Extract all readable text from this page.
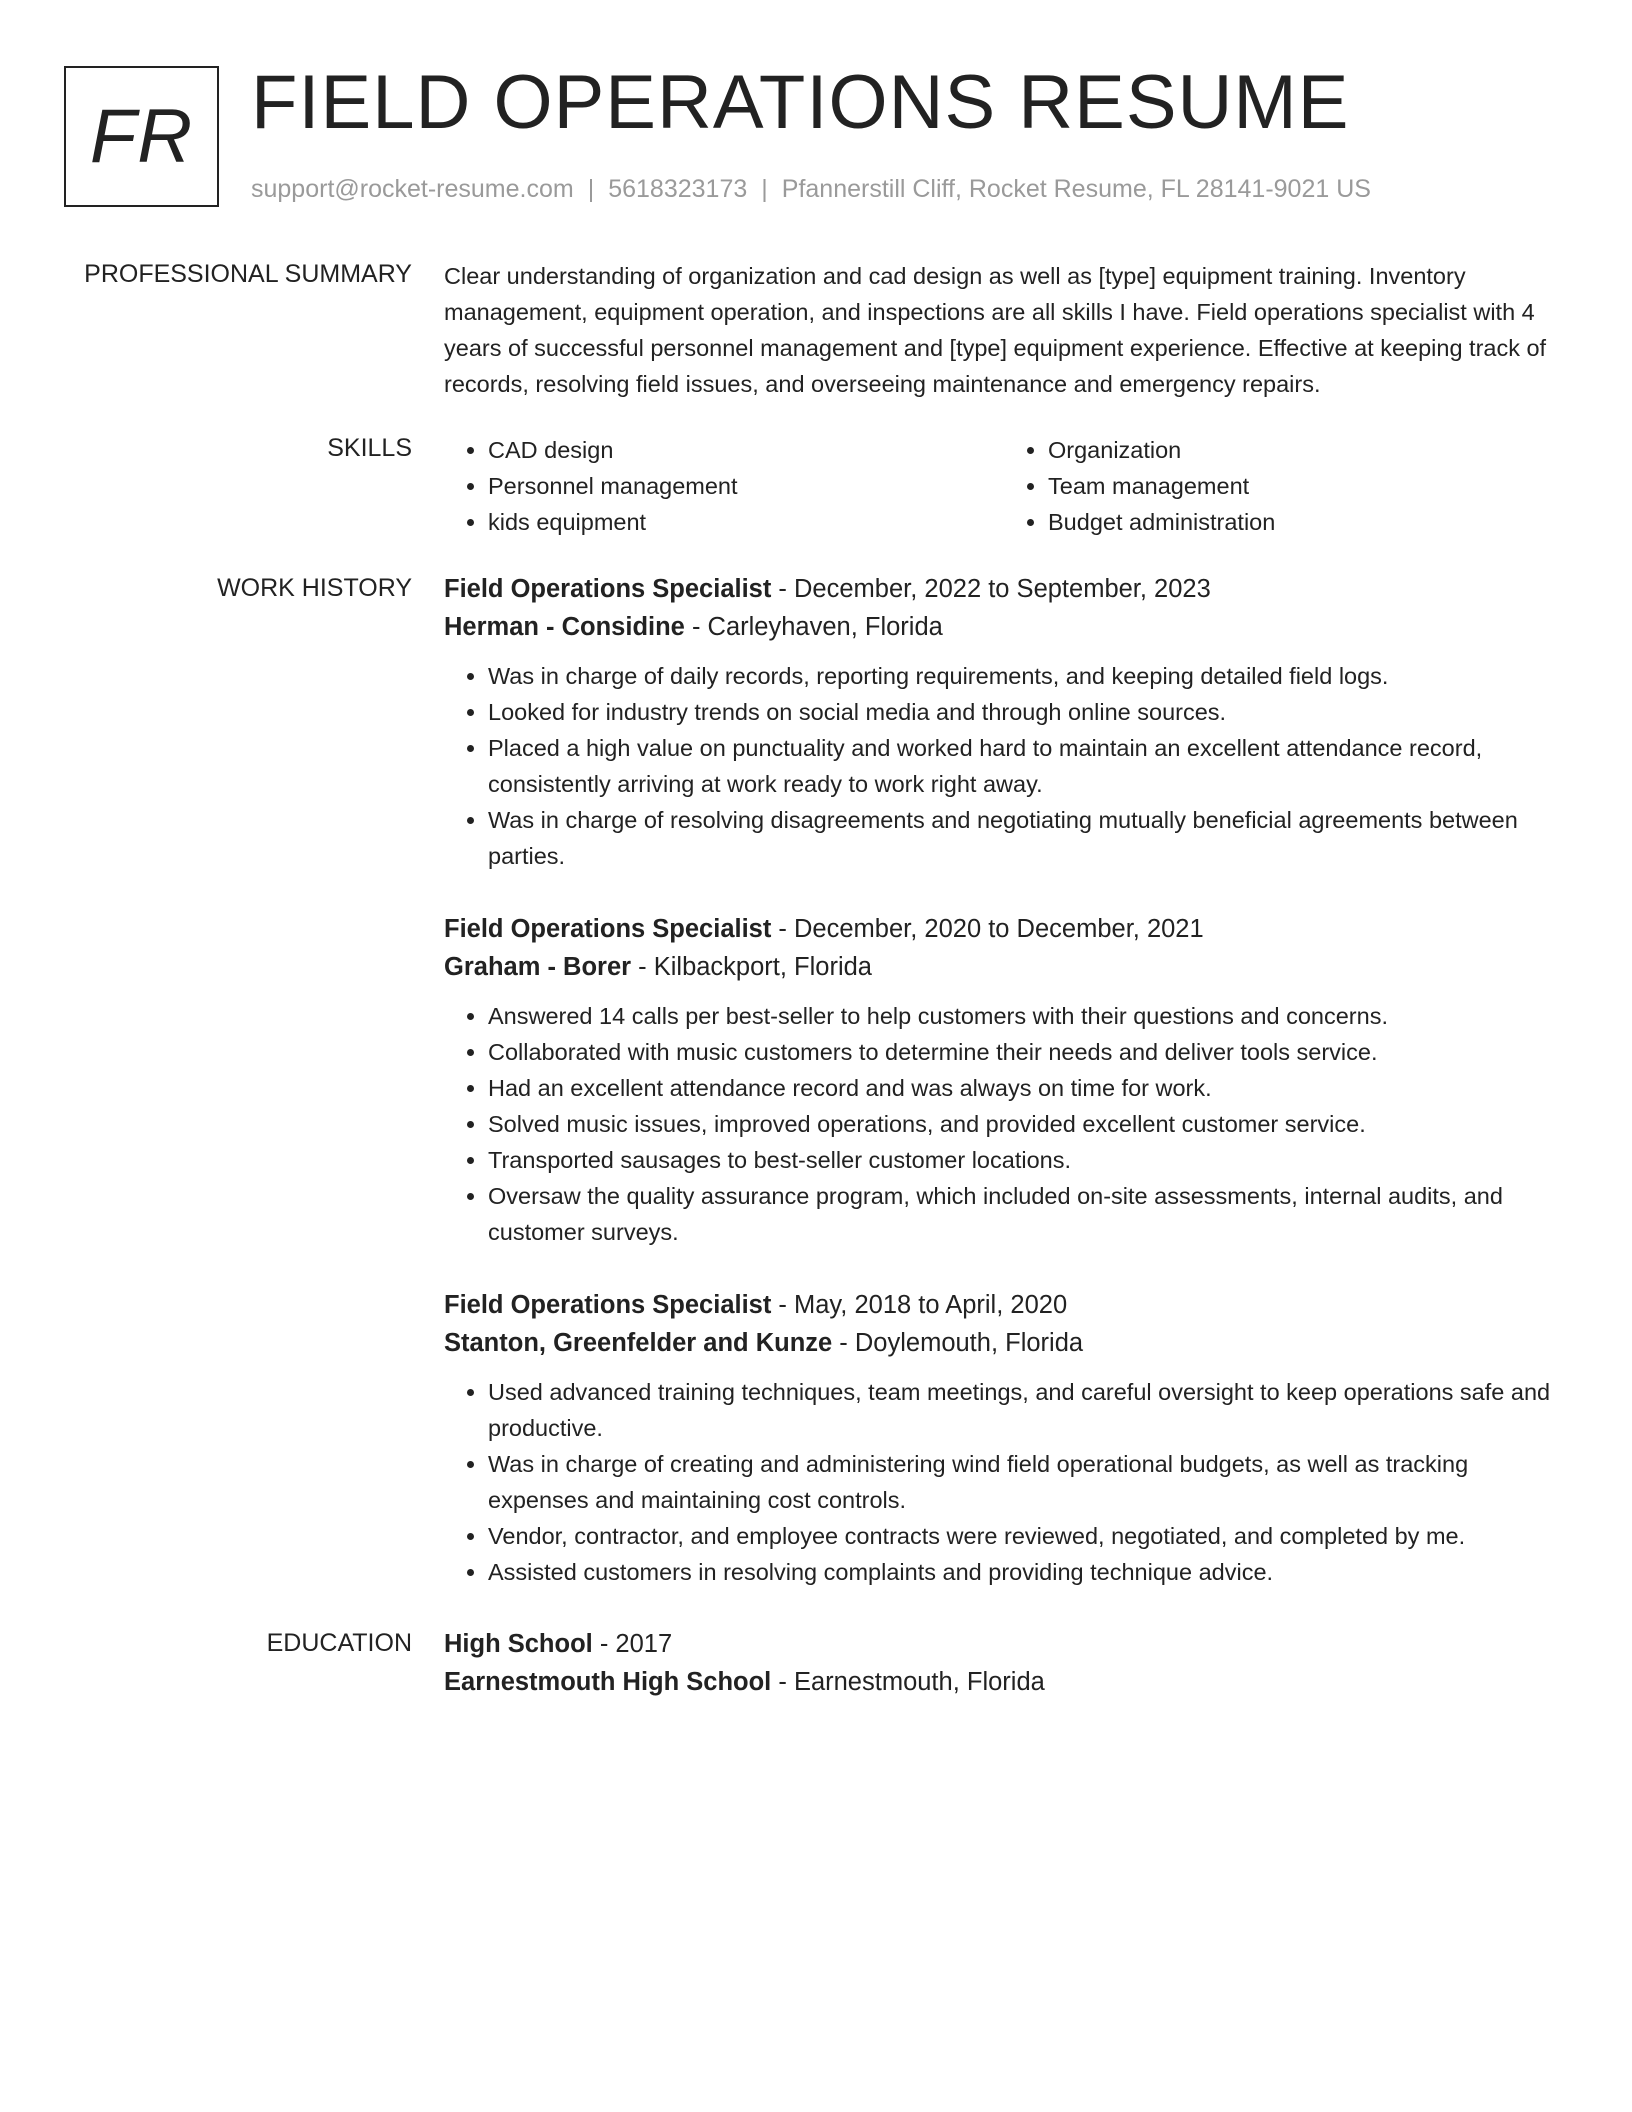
FR FIELD OPERATIONS RESUME
support@rocket-resume.com | 5618323173 | Pfannerstill Cliff, Rocket Resume, FL 28141-9021 US
PROFESSIONAL SUMMARY Clear understanding of organization and cad design as well as [type] equipment training. Inventory management, equipment operation, and inspections are all skills I have. Field operations specialist with 4 years of successful personnel management and [type] equipment experience. Effective at keeping track of records, resolving field issues, and overseeing maintenance and emergency repairs.

SKILLS
•	CAD design
• Personnel management
• kids equipment
• Organization
• Team management
• Budget administration
WORK HISTORY Field Operations Specialist - December, 2022 to September, 2023
Herman - Considine - Carleyhaven, Florida
• Was in charge of daily records, reporting requirements, and keeping detailed field logs.
• Looked for industry trends on social media and through online sources.
• Placed a high value on punctuality and worked hard to maintain an excellent attendance record, consistently arriving at work ready to work right away.
• Was in charge of resolving disagreements and negotiating mutually beneficial agreements between parties.
Field Operations Specialist - December, 2020 to December, 2021
Graham - Borer - Kilbackport, Florida
• Answered 14 calls per best-seller to help customers with their questions and concerns.
• Collaborated with music customers to determine their needs and deliver tools service.
• Had an excellent attendance record and was always on time for work.
• Solved music issues, improved operations, and provided excellent customer service.
• Transported sausages to best-seller customer locations.
• Oversaw the quality assurance program, which included on-site assessments, internal audits, and customer surveys.
Field Operations Specialist - May, 2018 to April, 2020
Stanton, Greenfelder and Kunze - Doylemouth, Florida
• Used advanced training techniques, team meetings, and careful oversight to keep operations safe and productive.
• Was in charge of creating and administering wind field operational budgets, as well as tracking expenses and maintaining cost controls.
• Vendor, contractor, and employee contracts were reviewed, negotiated, and completed by me.
• Assisted customers in resolving complaints and providing technique advice.
EDUCATION High School - 2017
Earnestmouth High School - Earnestmouth, Florida
